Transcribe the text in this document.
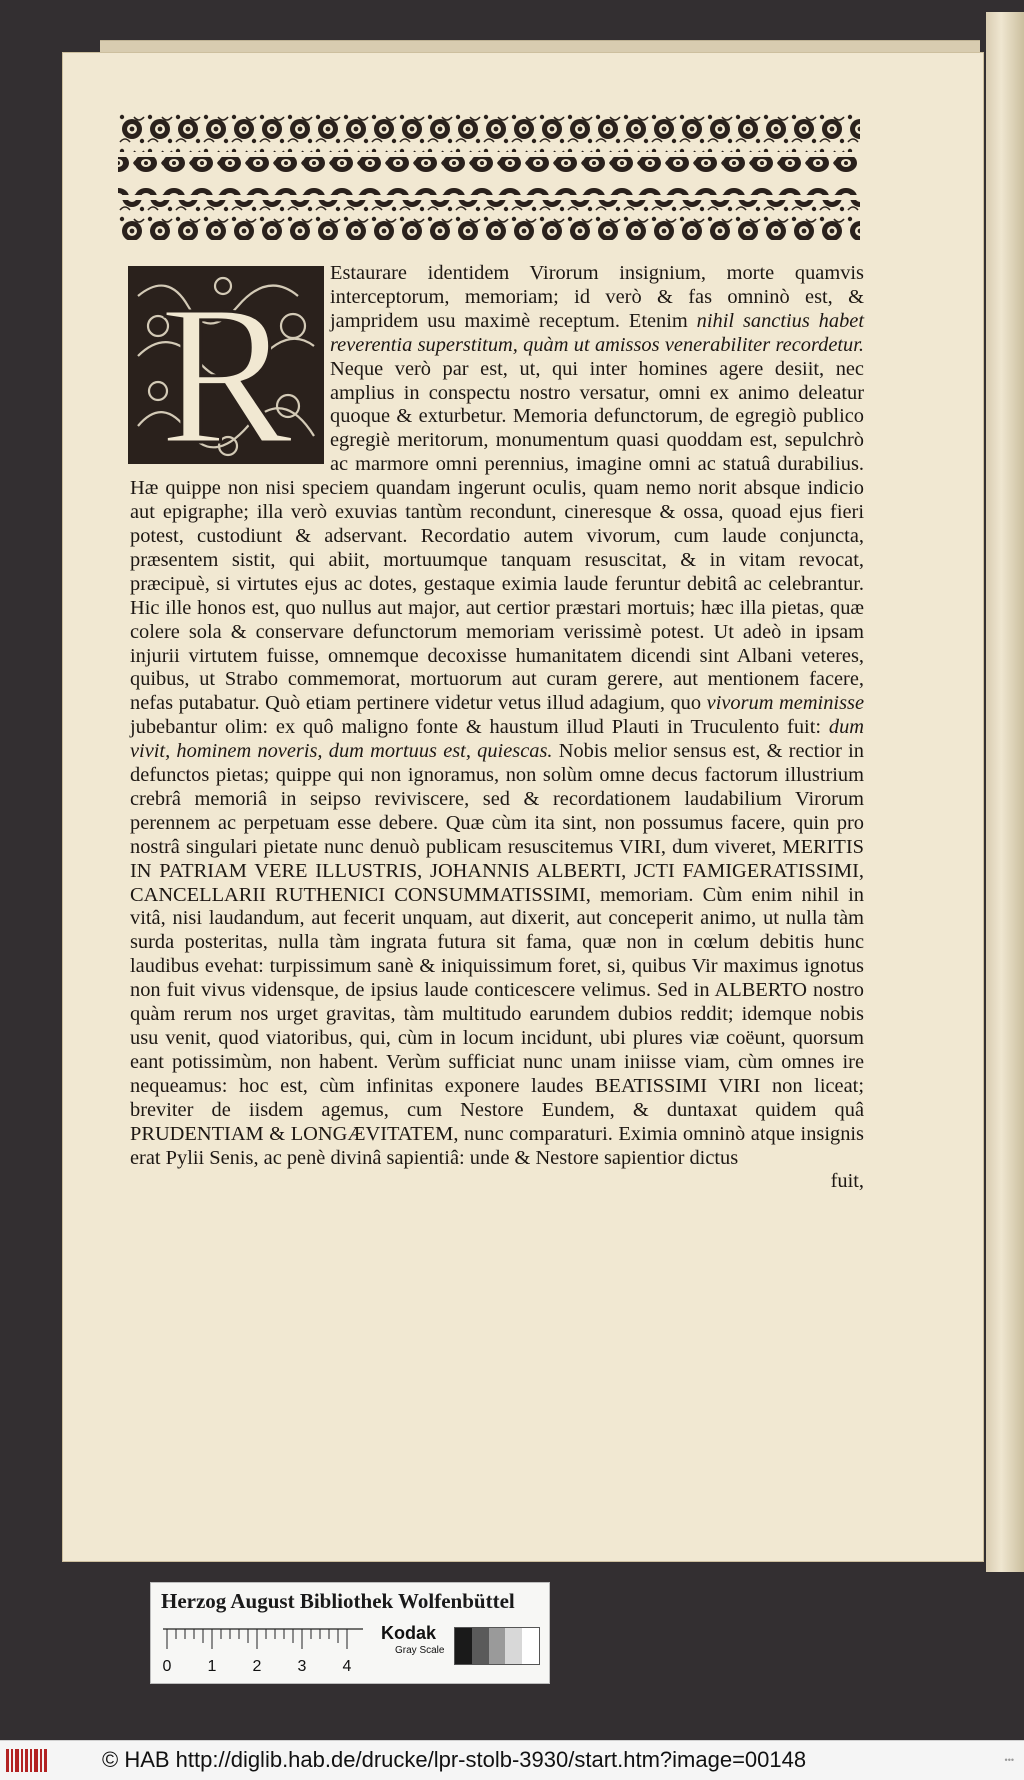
R	Estaurare identidem Virorum insignium, morte quamvis interceptorum, memoriam; id verò & fas omninò est, & jampridem usu maximè receptum. Etenim nihil sanctius habet reverentia superstitum, quàm ut amissos venerabiliter recordetur. Neque verò par est, ut, qui inter homines agere desiit, nec amplius in conspectu nostro versatur, omni ex animo deleatur quoque & exturbetur. Memoria defunctorum, de egregiò publico egregiè meritorum, monumentum quasi quoddam est, sepulchrò ac marmore omni perennius, imagine omni ac statuâ durabilius. Hæ quippe non nisi speciem quandam ingerunt oculis, quam nemo norit absque indicio aut epigraphe; illa verò exuvias tantùm recondunt, cineresque & ossa, quoad ejus fieri potest, custodiunt & adservant. Recordatio autem vivorum, cum laude conjuncta, præsentem sistit, qui abiit, mortuumque tanquam resuscitat, & in vitam revocat, præcipuè, si virtutes ejus ac dotes, gestaque eximia laude feruntur debitâ ac celebrantur. Hic ille honos est, quo nullus aut major, aut certior præstari mortuis; hæc illa pietas, quæ colere sola & conservare defunctorum memoriam verissimè potest. Ut adeò in ipsam injurii virtutem fuisse, omnemque decoxisse humanitatem dicendi sint Albani veteres, quibus, ut Strabo commemorat, mortuorum aut curam gerere, aut mentionem facere, nefas putabatur. Quò etiam pertinere videtur vetus illud adagium, quo vivorum meminisse jubebantur olim: ex quô maligno fonte & haustum illud Plauti in Truculento fuit: dum vivit, hominem noveris, dum mortuus est, quiescas. Nobis melior sensus est, & rectior in defunctos pietas; quippe qui non ignoramus, non solùm omne decus factorum illustrium crebrâ memoriâ in seipso reviviscere, sed & recordationem laudabilium Virorum perennem ac perpetuam esse debere. Quæ cùm ita sint, non possumus facere, quin pro nostrâ singulari pietate nunc denuò publicam resuscitemus VIRI, dum viveret, MERITIS IN PATRIAM VERE ILLUSTRIS, JOHANNIS ALBERTI, JCTI FAMIGERATISSIMI, CANCELLARII RUTHENICI CONSUMMATISSIMI, memoriam. Cùm enim nihil in vitâ, nisi laudandum, aut fecerit unquam, aut dixerit, aut conceperit animo, ut nulla tàm surda posteritas, nulla tàm ingrata futura sit fama, quæ non in cœlum debitis hunc laudibus evehat: turpissimum sanè & iniquissimum foret, si, quibus Vir maximus ignotus non fuit vivus vidensque, de ipsius laude conticescere velimus. Sed in ALBERTO nostro quàm rerum nos urget gravitas, tàm multitudo earundem dubios reddit; idemque nobis usu venit, quod viatoribus, qui, cùm in locum incidunt, ubi plures viæ coëunt, quorsum eant potissimùm, non habent. Verùm sufficiat nunc unam iniisse viam, cùm omnes ire nequeamus: hoc est, cùm infinitas exponere laudes BEATISSIMI VIRI non liceat; breviter de iisdem agemus, cum Nestore Eundem, & duntaxat quidem quâ PRUDENTIAM & LONGÆVITATEM, nunc comparaturi. Eximia omninò atque insignis erat Pylii Senis, ac penè divinâ sapientiâ: unde & Nestore sapientior dictus

fuit,
Herzog August Bibliothek Wolfenbüttel
0 1 2 3 4
Kodak
Gray Scale
© HAB http://diglib.hab.de/drucke/lpr-stolb-3930/start.htm?image=00148	•••
